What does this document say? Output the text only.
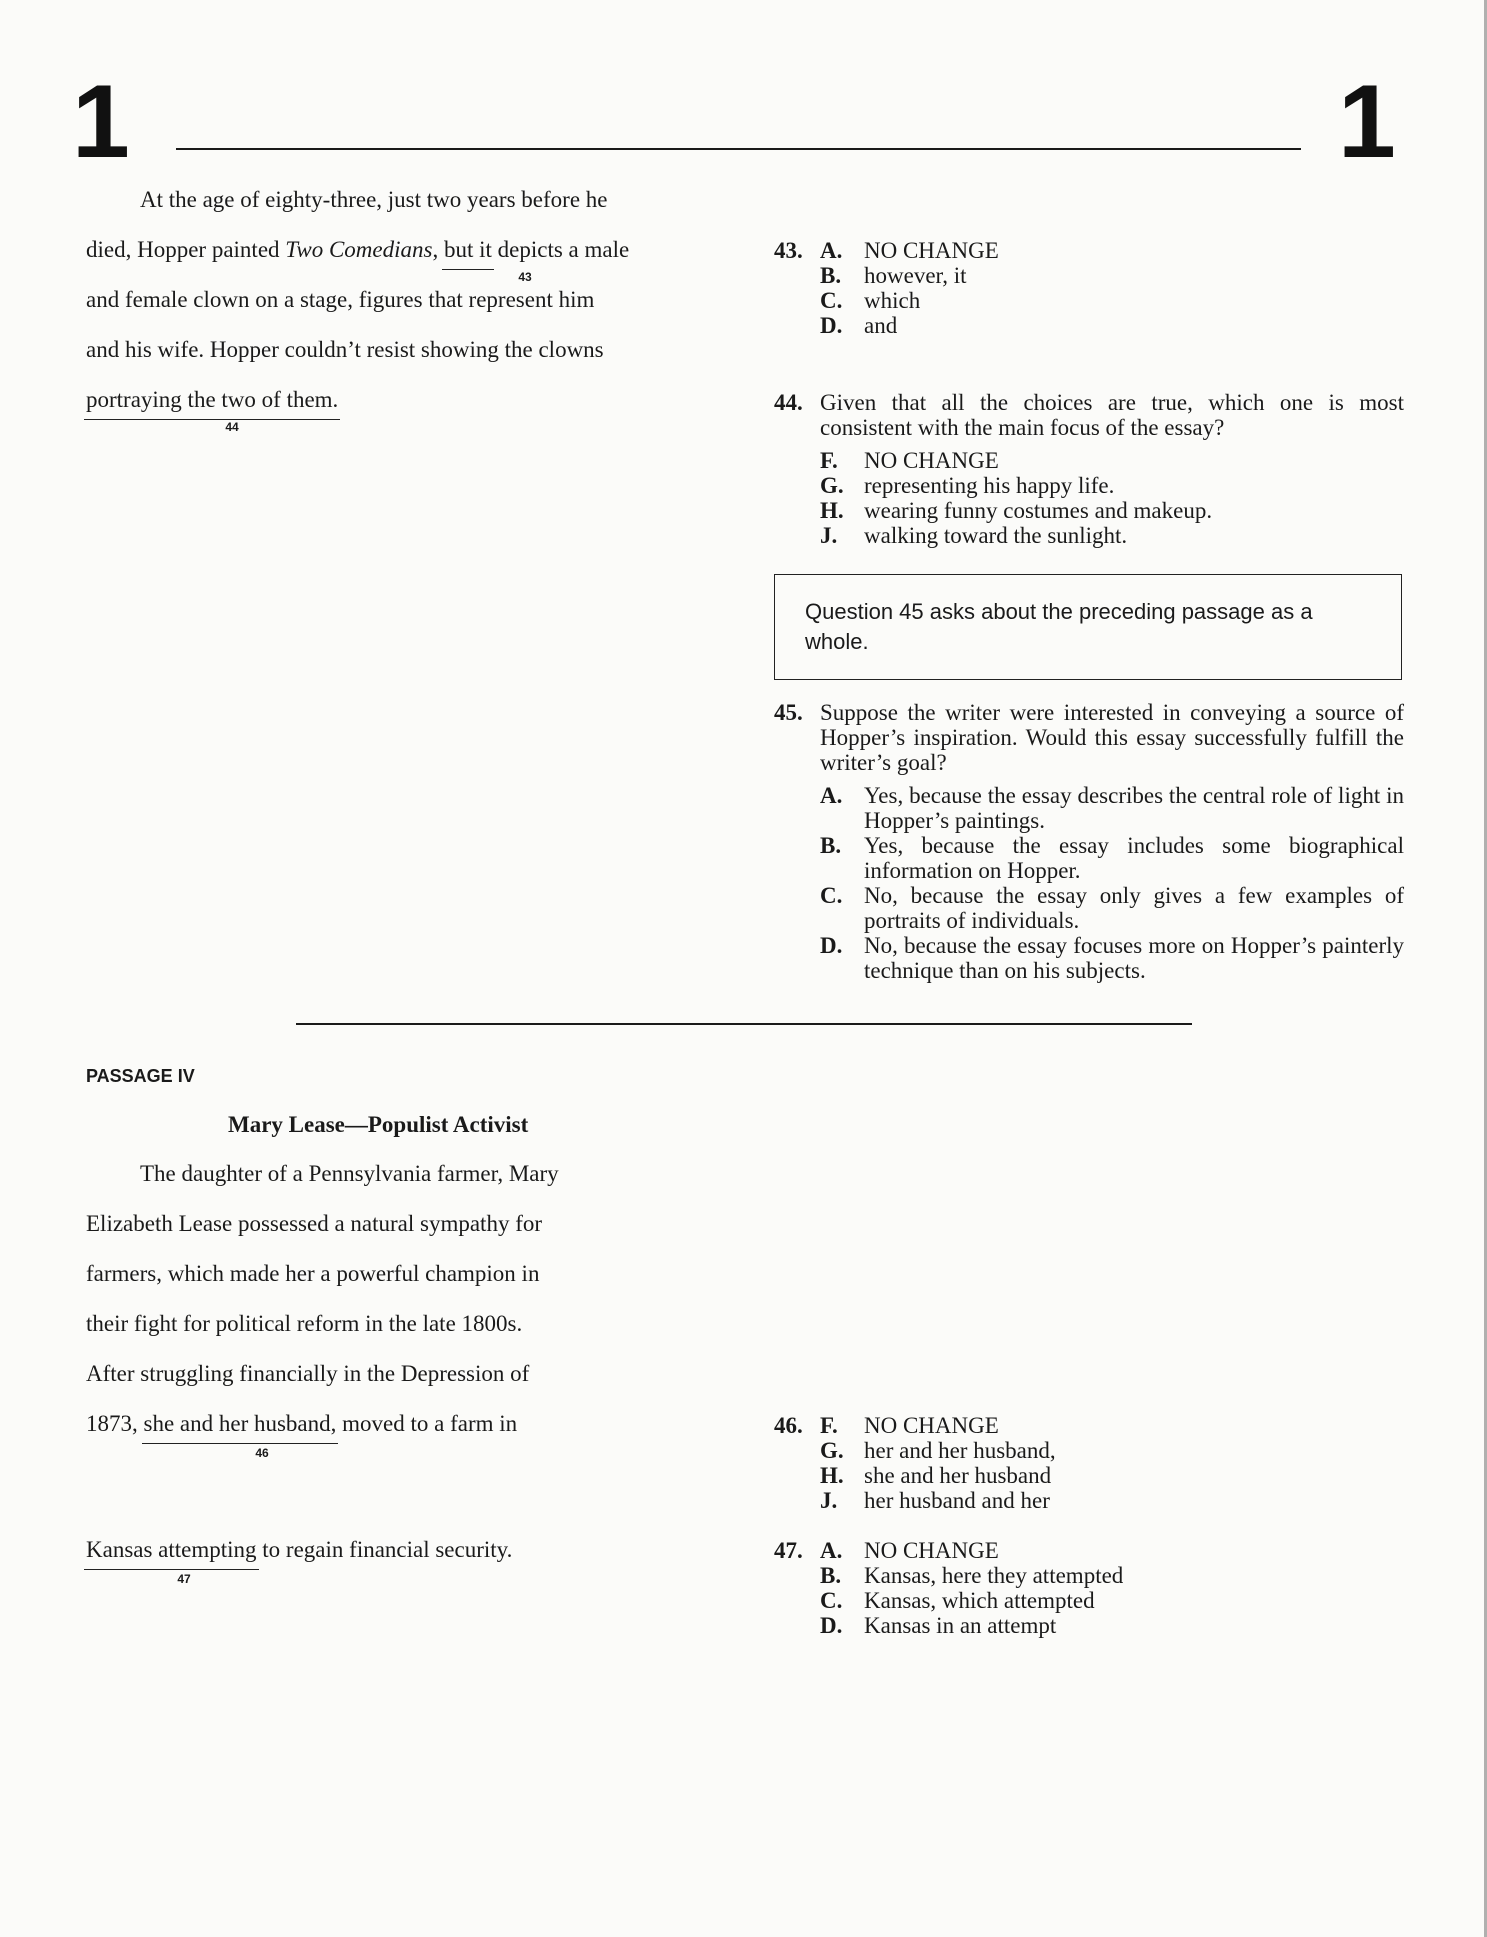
1	1
At the age of eighty-three, just two years before he
died, Hopper painted Two Comedians, but it depicts a male
43
and female clown on a stage, figures that represent him
and his wife. Hopper couldn’t resist showing the clowns
portraying the two of them.
44
43. A. NO CHANGE
B. however, it
C. which
D. and
44. Given that all the choices are true, which one is most consistent with the main focus of the essay?
F.	NO CHANGE
G. representing his happy life.
H. wearing funny costumes and makeup.
J.	walking toward the sunlight.
Question 45 asks about the preceding passage as a whole.
45. Suppose the writer were interested in conveying a source of Hopper’s inspiration. Would this essay successfully fulfill the writer’s goal?
A. Yes, because the essay describes the central role of light in Hopper’s paintings.
B. Yes, because the essay includes some biographical information on Hopper.
C. No, because the essay only gives a few examples of portraits of individuals.
D. No, because the essay focuses more on Hopper’s painterly technique than on his subjects.
PASSAGE IV
Mary Lease—Populist Activist
The daughter of a Pennsylvania farmer, Mary
Elizabeth Lease possessed a natural sympathy for
farmers, which made her a powerful champion in
their fight for political reform in the late 1800s.
After struggling financially in the Depression of
1873, she and her husband, moved to a farm in
46
Kansas attempting to regain financial security.
47
46. F.	NO CHANGE
G. her and her husband,
H. she and her husband
J.	her husband and her
47. A. NO CHANGE
B. Kansas, here they attempted
C. Kansas, which attempted
D. Kansas in an attempt
